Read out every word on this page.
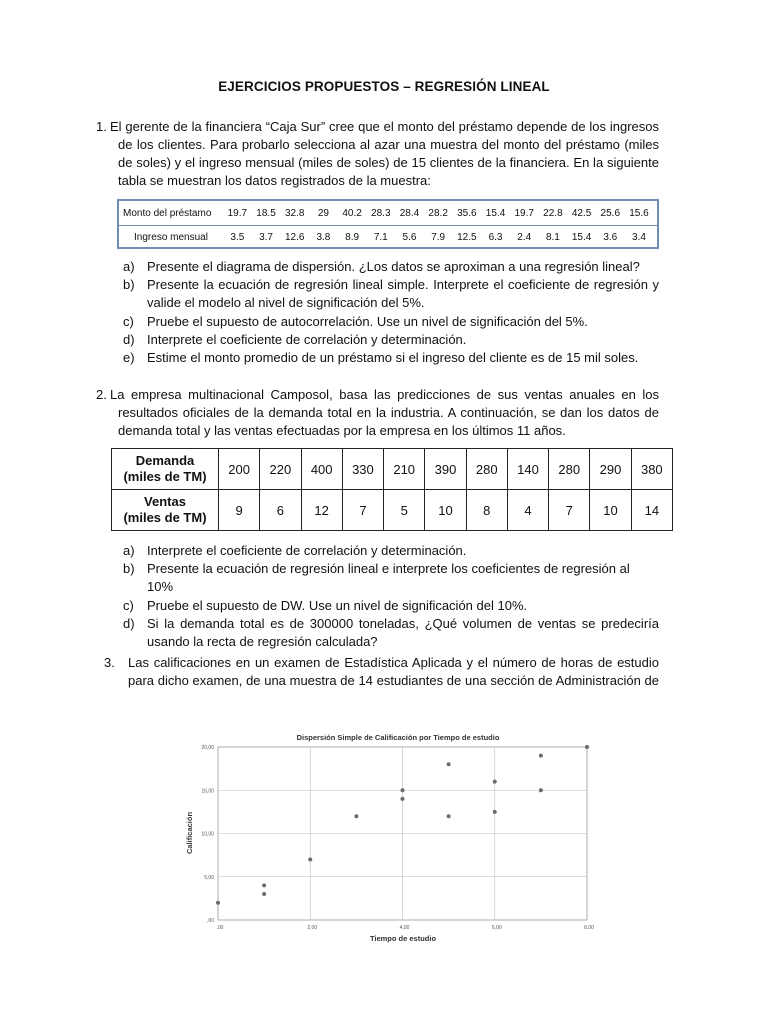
EJERCICIOS PROPUESTOS – REGRESIÓN LINEAL
1. El gerente de la financiera “Caja Sur” cree que el monto del préstamo depende de los ingresos
de los clientes. Para probarlo selecciona al azar una muestra del monto del préstamo (miles
de soles) y el ingreso mensual (miles de soles) de 15 clientes de la financiera. En la siguiente
tabla se muestran los datos registrados de la muestra:
Monto del préstamo	19.7 18.5 32.8	29	40.2 28.3 28.4 28.2 35.6 15.4 19.7 22.8 42.5 25.6 15.6
Ingreso mensual	3.5	3.7	12.6	3.8	8.9	7.1	5.6	7.9	12.5	6.3	2.4	8.1	15.4	3.6	3.4
a) Presente el diagrama de dispersión. ¿Los datos se aproximan a una regresión lineal?
b) Presente la ecuación de regresión lineal simple. Interprete el coeficiente de regresión y
valide el modelo al nivel de significación del 5%.
c) Pruebe el supuesto de autocorrelación. Use un nivel de significación del 5%.
d) Interprete el coeficiente de correlación y determinación.
e) Estime el monto promedio de un préstamo si el ingreso del cliente es de 15 mil soles.
2. La empresa multinacional Camposol, basa las predicciones de sus ventas anuales en los
resultados oficiales de la demanda total en la industria. A continuación, se dan los datos de
demanda total y las ventas efectuadas por la empresa en los últimos 11 años.
Demanda
(miles de TM)	200	220	400	330	210	390	280	140	280	290	380

Ventas
(miles de TM)	9	6	12	7	5	10	8	4	7	10	14
a) Interprete el coeficiente de correlación y determinación.
b) Presente la ecuación de regresión lineal e interprete los coeficientes de regresión al 10%
c) Pruebe el supuesto de DW. Use un nivel de significación del 10%.
d) Si la demanda total es de 300000 toneladas, ¿Qué volumen de ventas se predeciría
usando la recta de regresión calculada?
3. Las calificaciones en un examen de Estadística Aplicada y el número de horas de estudio
para dicho examen, de una muestra de 14 estudiantes de una sección de Administración de
Dispersión Simple de Calificación por Tiempo de estudio
Tiempo de estudio
Calificación
,00
5,00
10,00
15,00
20,00
.00	2,00	4,00	6,00	8,00
